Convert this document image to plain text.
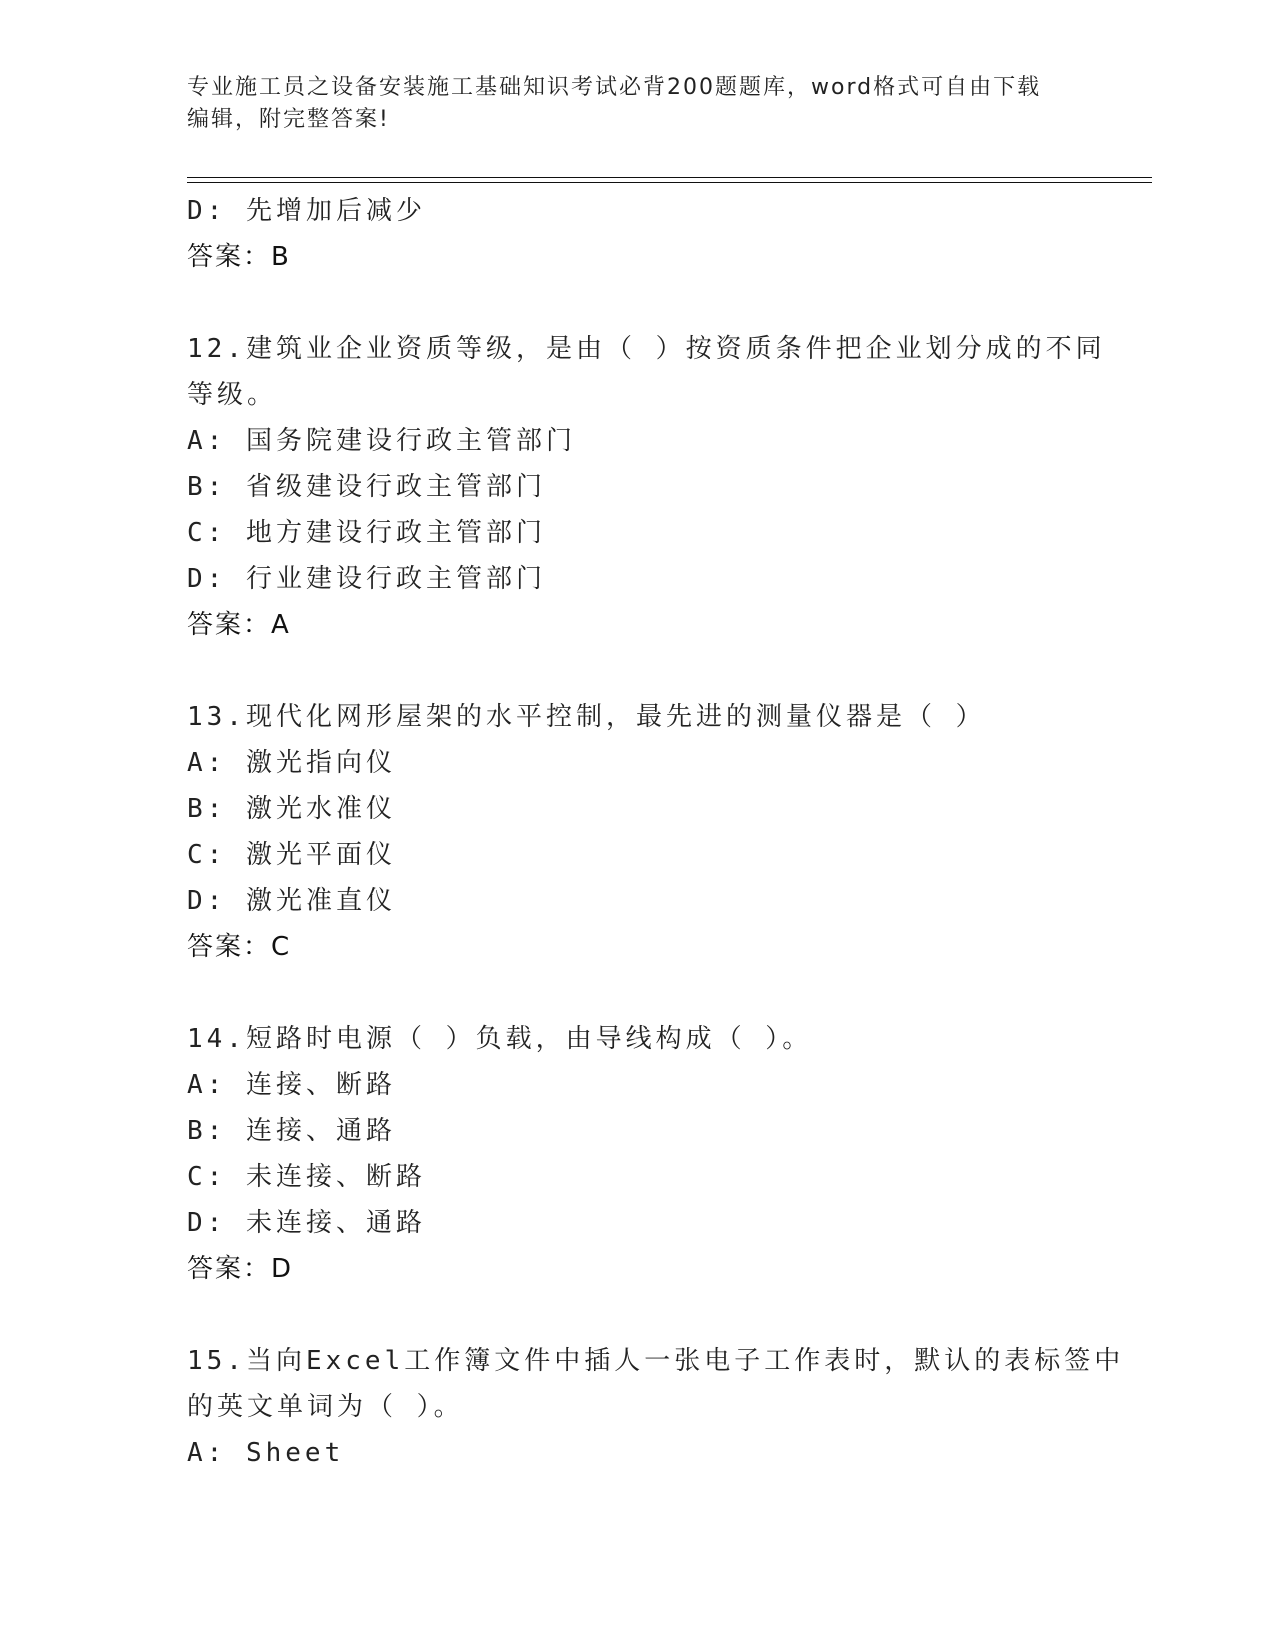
专业施工员之设备安装施工基础知识考试必背200题题库，word格式可自由下载
编辑，附完整答案!
D: 先增加后减少
答案：B
12.建筑业企业资质等级，是由（ ）按资质条件把企业划分成的不同
等级。
A: 国务院建设行政主管部门
B: 省级建设行政主管部门
C: 地方建设行政主管部门
D: 行业建设行政主管部门
答案：A
13.现代化网形屋架的水平控制，最先进的测量仪器是（ ）
A: 激光指向仪
B: 激光水准仪
C: 激光平面仪
D: 激光准直仪
答案：C
14.短路时电源（ ）负载，由导线构成（ ）。
A: 连接、断路
B: 连接、通路
C: 未连接、断路
D: 未连接、通路
答案：D
15.当向Excel工作簿文件中插人一张电子工作表时，默认的表标签中
的英文单词为（ ）。
A: Sheet
